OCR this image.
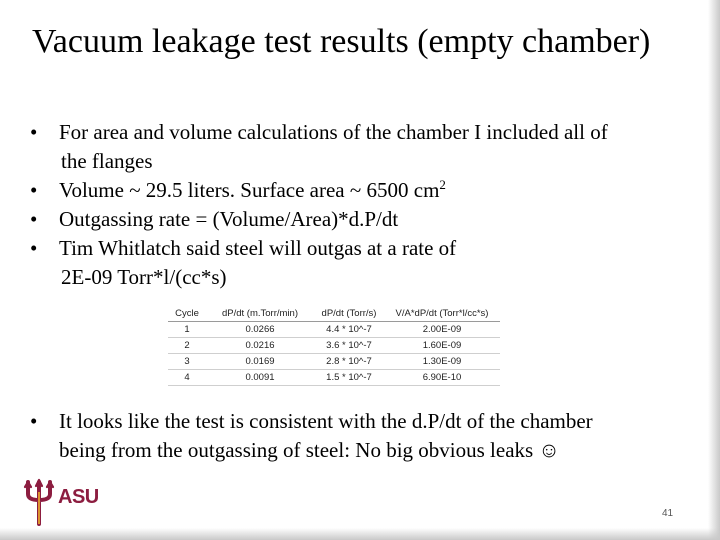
Vacuum leakage test results (empty chamber)
• For area and volume calculations of the chamber I included all of
the flanges
• Volume ~ 29.5 liters. Surface area ~ 6500 $cm^2$
• Outgassing rate = (Volume/Area)*d.P/dt
• Tim Whitlatch said steel will outgas at a rate of
2E-09 Torr*l/(cc*s)
Cycle	dP/dt (m.Torr/min)	dP/dt (Torr/s)	V/A*dP/dt (Torr*l/cc*s)
1	0.0266	4.4 * 10^-7	2.00E-09
2	0.0216	3.6 * 10^-7	1.60E-09
3	0.0169	2.8 * 10^-7	1.30E-09
4	0.0091	1.5 * 10^-7	6.90E-10
• It looks like the test is consistent with the d.P/dt of the chamber
being from the outgassing of steel: No big obvious leaks ☺
ASU
41
